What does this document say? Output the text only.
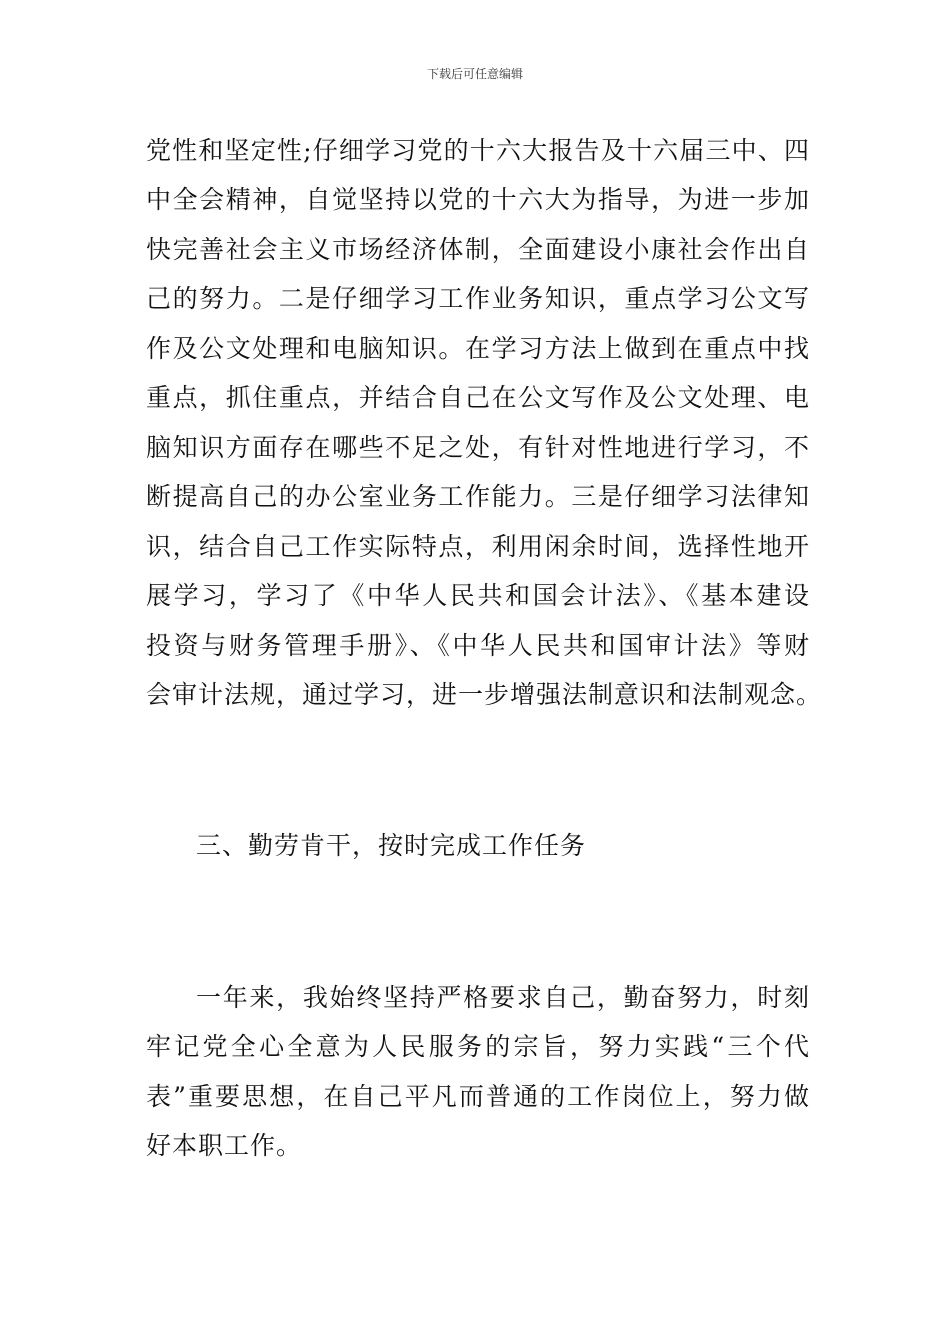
下载后可任意编辑
党性和坚定性;仔细学习党的十六大报告及十六届三中、四
中全会精神，自觉坚持以党的十六大为指导，为进一步加
快完善社会主义市场经济体制，全面建设小康社会作出自
己的努力。二是仔细学习工作业务知识，重点学习公文写
作及公文处理和电脑知识。在学习方法上做到在重点中找
重点，抓住重点，并结合自己在公文写作及公文处理、电
脑知识方面存在哪些不足之处，有针对性地进行学习，不
断提高自己的办公室业务工作能力。三是仔细学习法律知
识，结合自己工作实际特点，利用闲余时间，选择性地开
展学习，学习了《中华人民共和国会计法》、《基本建设
投资与财务管理手册》、《中华人民共和国审计法》等财
会审计法规，通过学习，进一步增强法制意识和法制观念。
三、勤劳肯干，按时完成工作任务
一年来，我始终坚持严格要求自己，勤奋努力，时刻
牢记党全心全意为人民服务的宗旨，努力实践“三个代
表”重要思想，在自己平凡而普通的工作岗位上，努力做
好本职工作。
